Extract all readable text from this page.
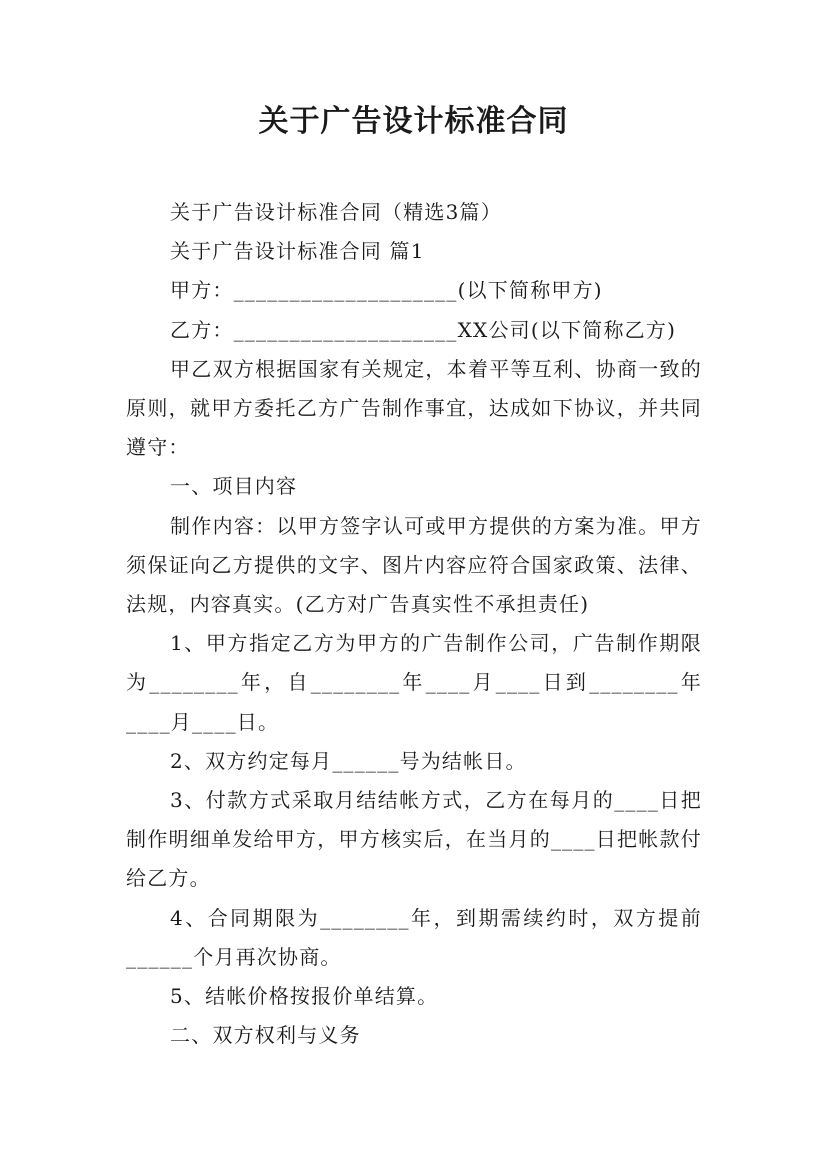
关于广告设计标准合同

关于广告设计标准合同（精选3篇）

关于广告设计标准合同 篇1

甲方：____________________(以下简称甲方)

乙方：____________________XX公司(以下简称乙方)

甲乙双方根据国家有关规定，本着平等互利、协商一致的原则，就甲方委托乙方广告制作事宜，达成如下协议，并共同遵守：

一、项目内容

制作内容：以甲方签字认可或甲方提供的方案为准。甲方须保证向乙方提供的文字、图片内容应符合国家政策、法律、法规，内容真实。(乙方对广告真实性不承担责任)

1、甲方指定乙方为甲方的广告制作公司，广告制作期限为________年，自________年____月____日到________年____月____日。

2、双方约定每月______号为结帐日。

3、付款方式采取月结结帐方式，乙方在每月的____日把制作明细单发给甲方，甲方核实后，在当月的____日把帐款付给乙方。

4、合同期限为________年，到期需续约时，双方提前______个月再次协商。

5、结帐价格按报价单结算。

二、双方权利与义务
